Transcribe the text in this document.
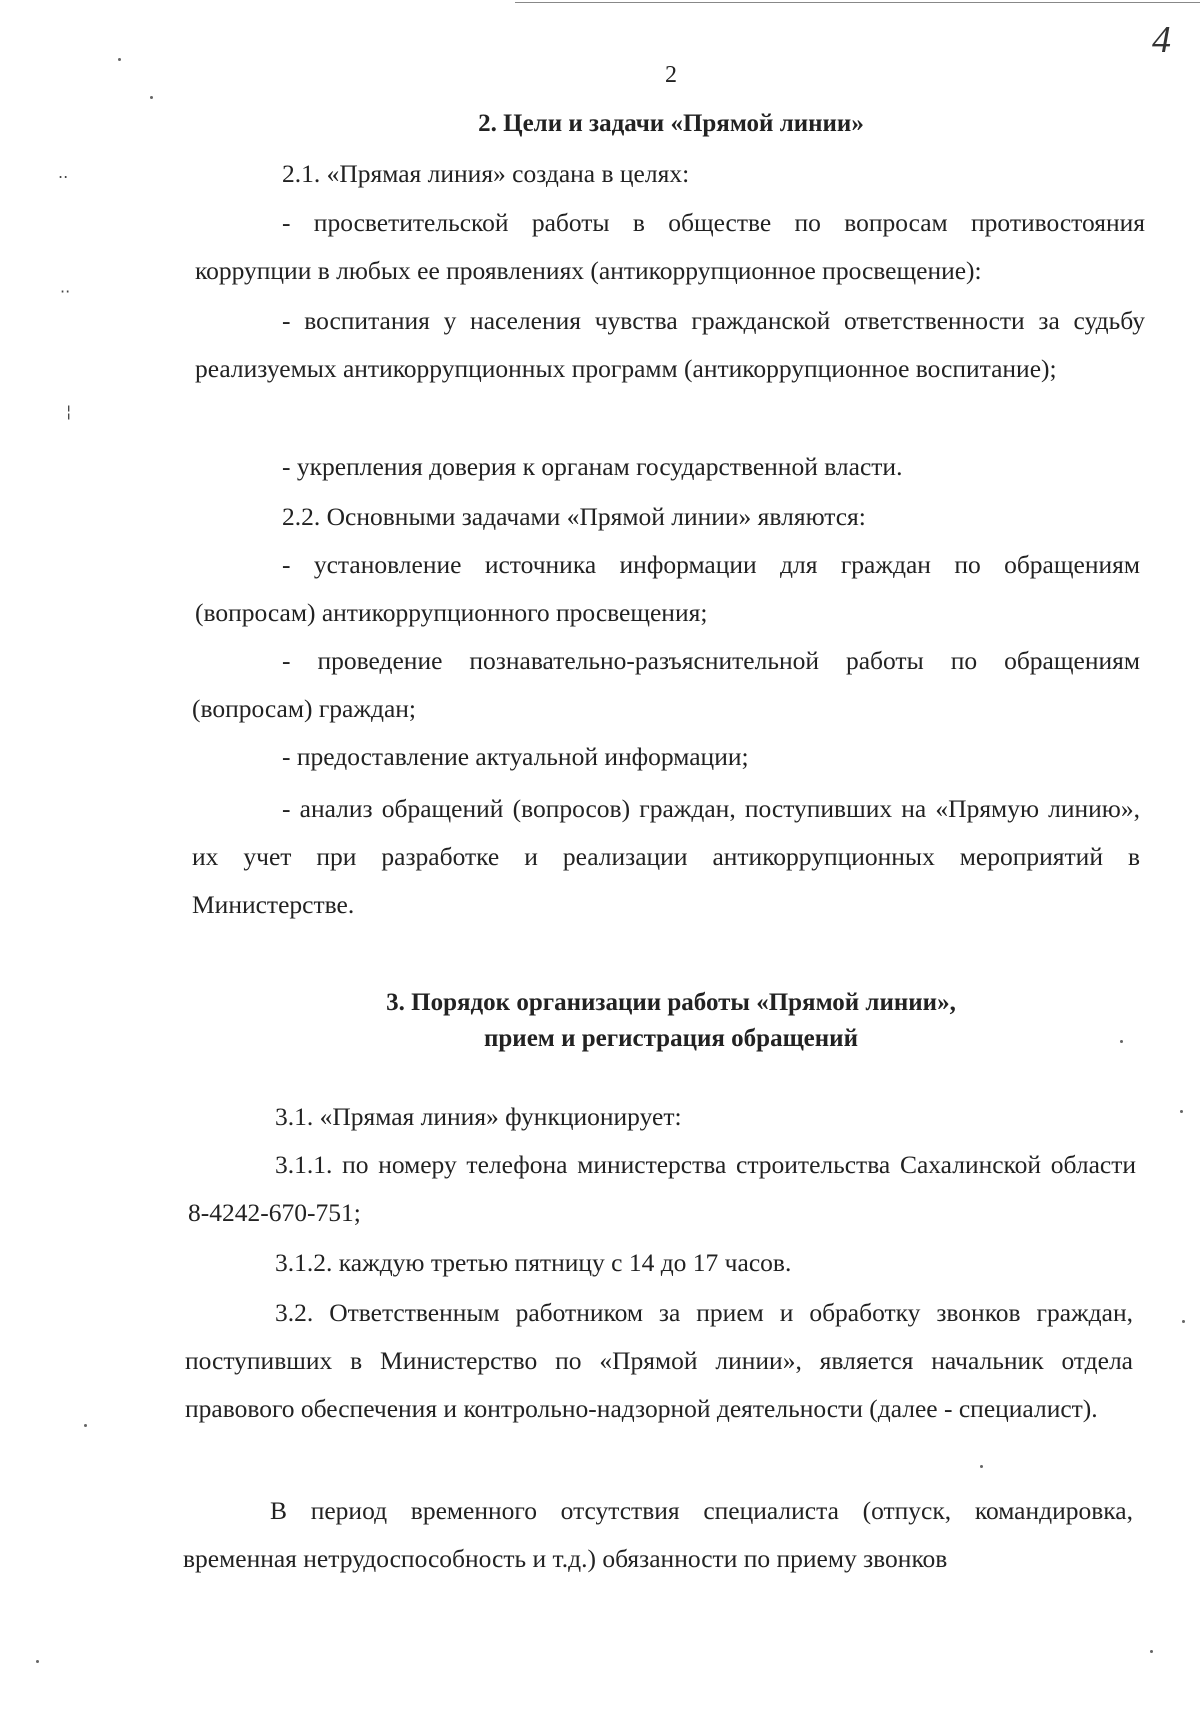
4
2
2. Цели и задачи «Прямой линии»

2.1. «Прямая линия» создана в целях:

- просветительской работы в обществе по вопросам противостояния коррупции в любых ее проявлениях (антикоррупционное просвещение):

- воспитания у населения чувства гражданской ответственности за судьбу реализуемых антикоррупционных программ (антикоррупционное воспитание);

- укрепления доверия к органам государственной власти.

2.2. Основными задачами «Прямой линии» являются:

- установление источника информации для граждан по обращениям (вопросам) антикоррупционного просвещения;

- проведение познавательно-разъяснительной работы по обращениям (вопросам) граждан;

- предоставление актуальной информации;

- анализ обращений (вопросов) граждан, поступивших на «Прямую линию», их учет при разработке и реализации антикоррупционных мероприятий в Министерстве.

3. Порядок организации работы «Прямой линии»,
прием и регистрация обращений

3.1. «Прямая линия» функционирует:

3.1.1. по номеру телефона министерства строительства Сахалинской области 8-4242-670-751;

3.1.2. каждую третью пятницу с 14 до 17 часов.

3.2. Ответственным работником за прием и обработку звонков граждан, поступивших в Министерство по «Прямой линии», является начальник отдела правового обеспечения и контрольно-надзорной деятельности (далее - специалист).

В период временного отсутствия специалиста (отпуск, командировка, временная нетрудоспособность и т.д.) обязанности по приему звонков

‧‧
··
¦
